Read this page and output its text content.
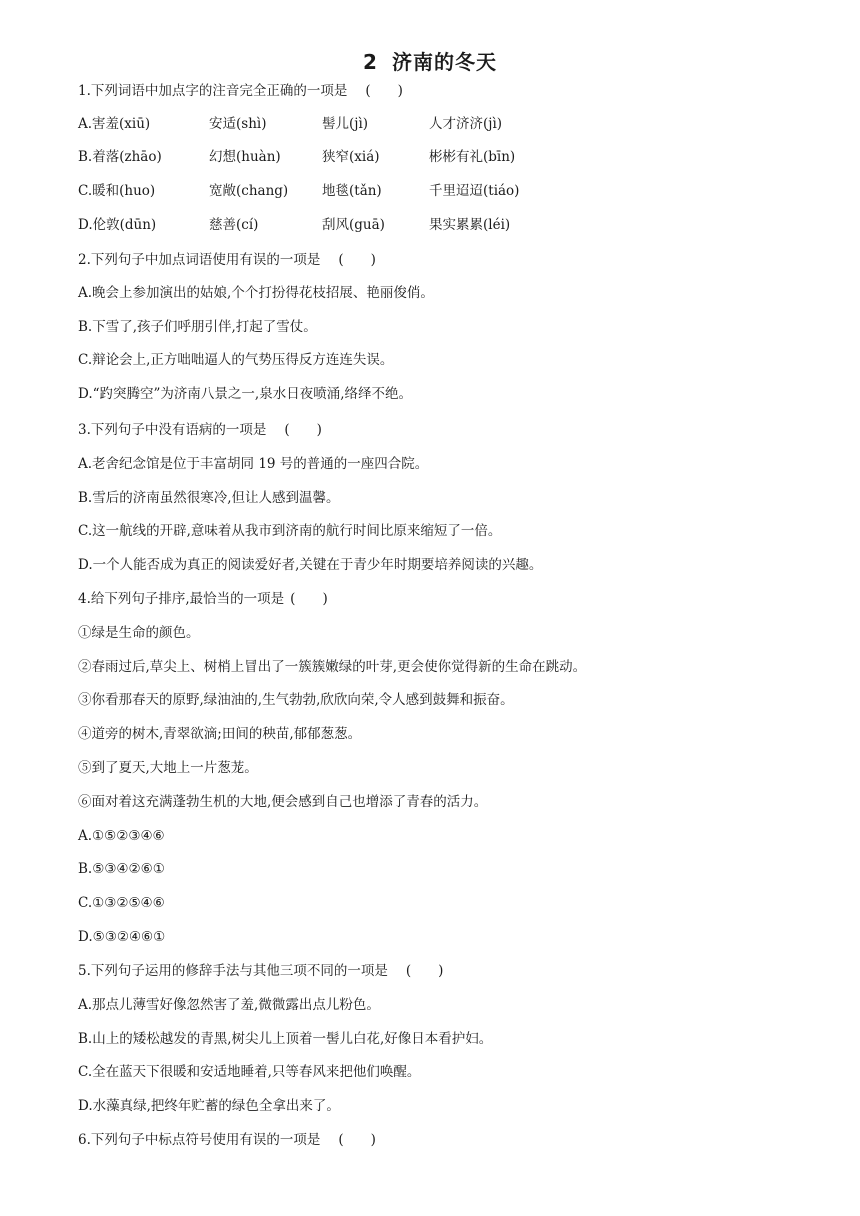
2 济南的冬天
1.下列词语中加点字的注音完全正确的一项是 (　　)
A.害羞(xiū)	安适(shì)	髻儿(jì)	人才济济(jì)
B.着落(zhāo)	幻想(huàn)	狭窄(xiá)	彬彬有礼(bīn)
C.暖和(huo)	宽敞(chang)	地毯(tǎn)	千里迢迢(tiáo)
D.伦敦(dūn)	慈善(cí)	刮风(guā)	果实累累(léi)
2.下列句子中加点词语使用有误的一项是 (　　)
A.晚会上参加演出的姑娘,个个打扮得花枝招展、艳丽俊俏。
B.下雪了,孩子们呼朋引伴,打起了雪仗。
C.辩论会上,正方咄咄逼人的气势压得反方连连失误。
D.“趵突腾空”为济南八景之一,泉水日夜喷涌,络绎不绝。
3.下列句子中没有语病的一项是 (　　)
A.老舍纪念馆是位于丰富胡同 19 号的普通的一座四合院。
B.雪后的济南虽然很寒冷,但让人感到温馨。
C.这一航线的开辟,意味着从我市到济南的航行时间比原来缩短了一倍。
D.一个人能否成为真正的阅读爱好者,关键在于青少年时期要培养阅读的兴趣。
4.给下列句子排序,最恰当的一项是 (　　)
①绿是生命的颜色。
②春雨过后,草尖上、树梢上冒出了一簇簇嫩绿的叶芽,更会使你觉得新的生命在跳动。
③你看那春天的原野,绿油油的,生气勃勃,欣欣向荣,令人感到鼓舞和振奋。
④道旁的树木,青翠欲滴;田间的秧苗,郁郁葱葱。
⑤到了夏天,大地上一片葱茏。
⑥面对着这充满蓬勃生机的大地,便会感到自己也增添了青春的活力。
A.①⑤②③④⑥
B.⑤③④②⑥①
C.①③②⑤④⑥
D.⑤③②④⑥①
5.下列句子运用的修辞手法与其他三项不同的一项是 (　　)
A.那点儿薄雪好像忽然害了羞,微微露出点儿粉色。
B.山上的矮松越发的青黑,树尖儿上顶着一髻儿白花,好像日本看护妇。
C.全在蓝天下很暖和安适地睡着,只等春风来把他们唤醒。
D.水藻真绿,把终年贮蓄的绿色全拿出来了。
6.下列句子中标点符号使用有误的一项是 (　　)
